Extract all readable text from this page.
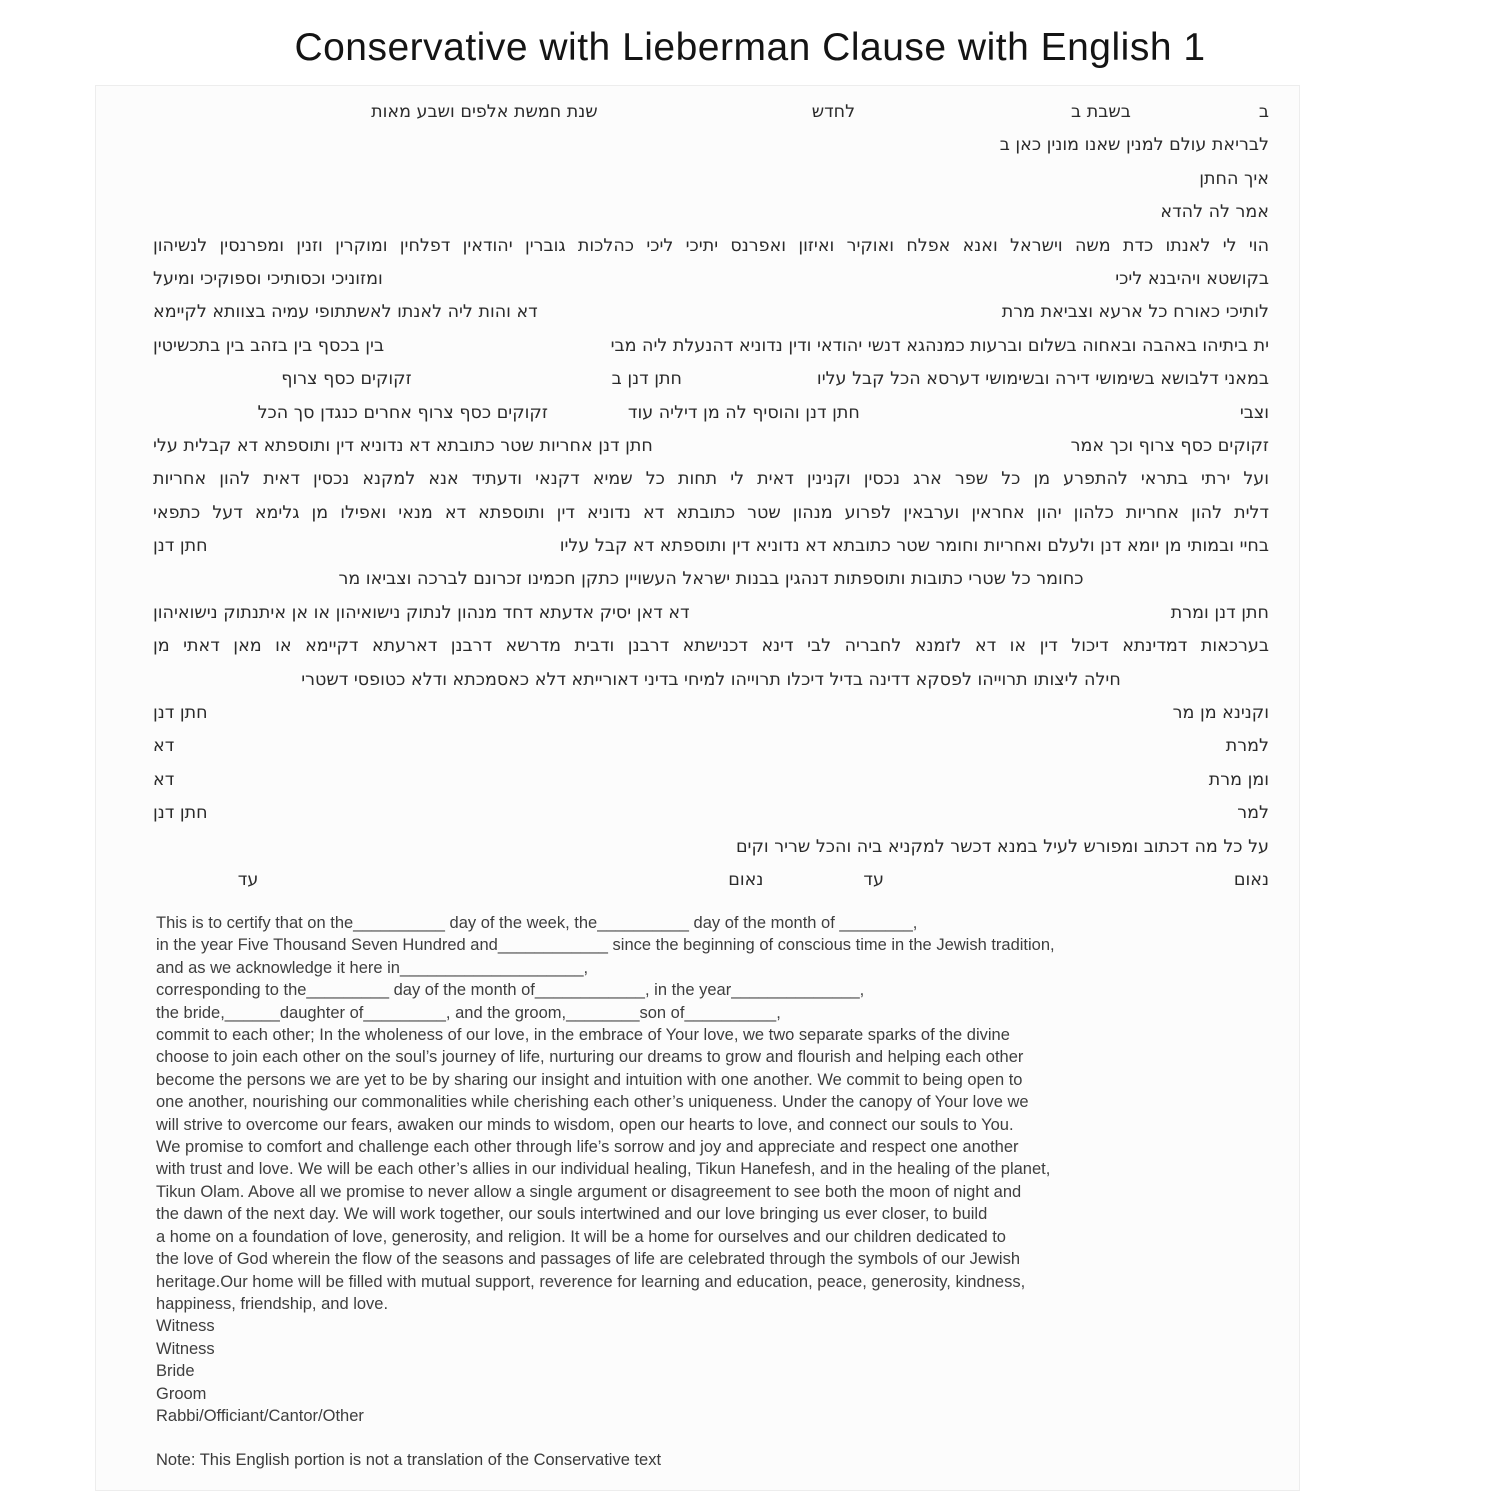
Conservative with Lieberman Clause with English 1
ב
בשבת ב
לחדש
שנת חמשת אלפים ושבע מאות
לבריאת עולם למנין שאנו מונין כאן ב
איך החתן
אמר לה להדא
הוי לי לאנתו כדת משה וישראל ואנא אפלח ואוקיר ואיזון ואפרנס יתיכי ליכי כהלכות גוברין יהודאין דפלחין ומוקרין וזנין ומפרנסין לנשיהון
בקושטא ויהיבנא ליכי
ומזוניכי וכסותיכי וספוקיכי ומיעל
לותיכי כאורח כל ארעא וצביאת מרת
דא והות ליה לאנתו לאשתתופי עמיה בצוותא לקיימא
ית ביתיהו באהבה ובאחוה בשלום וברעות כמנהגא דנשי יהודאי ודין נדוניא דהנעלת ליה מבי
בין בכסף בין בזהב בין בתכשיטין
במאני דלבושא בשימושי דירה ובשימושי דערסא הכל קבל עליו
חתן דנן ב
זקוקים כסף צרוף
וצבי
חתן דנן והוסיף לה מן דיליה עוד
זקוקים כסף צרוף אחרים כנגדן סך הכל
זקוקים כסף צרוף וכך אמר
חתן דנן אחריות שטר כתובתא דא נדוניא דין ותוספתא דא קבלית עלי
ועל ירתי בתראי להתפרע מן כל שפר ארג נכסין וקנינין דאית לי תחות כל שמיא דקנאי ודעתיד אנא למקנא נכסין דאית להון אחריות
דלית להון אחריות כלהון יהון אחראין וערבאין לפרוע מנהון שטר כתובתא דא נדוניא דין ותוספתא דא מנאי ואפילו מן גלימא דעל כתפאי
בחיי ובמותי מן יומא דנן ולעלם ואחריות וחומר שטר כתובתא דא נדוניא דין ותוספתא דא קבל עליו
חתן דנן
כחומר כל שטרי כתובות ותוספתות דנהגין בבנות ישראל העשויין כתקן חכמינו זכרונם לברכה וצביאו מר
חתן דנן ומרת
דא דאן יסיק אדעתא דחד מנהון לנתוק נישואיהון או אן איתנתוק נישואיהון
בערכאות דמדינתא דיכול דין או דא לזמנא לחבריה לבי דינא דכנישתא דרבנן ודבית מדרשא דרבנן דארעתא דקיימא או מאן דאתי מן
חילה ליצותו תרוייהו לפסקא דדינה בדיל דיכלו תרוייהו למיחי בדיני דאורייתא דלא כאסמכתא ודלא כטופסי דשטרי
וקנינא מן מר
חתן דנן
למרת
דא
ומן מרת
דא
למר
חתן דנן
על כל מה דכתוב ומפורש לעיל במנא דכשר למקניא ביה והכל שריר וקים
נאום
עד
נאום
עד
This is to certify that on the__________ day of the week, the__________ day of the month of ________,
in the year Five Thousand Seven Hundred and____________ since the beginning of conscious time in the Jewish tradition,
and as we acknowledge it here in____________________,
corresponding to the_________ day of the month of____________, in the year______________,
the bride,______daughter of_________, and the groom,________son of__________,
commit to each other; In the wholeness of our love, in the embrace of Your love, we two separate sparks of the divine
choose to join each other on the soul’s journey of life, nurturing our dreams to grow and flourish and helping each other
become the persons we are yet to be by sharing our insight and intuition with one another. We commit to being open to
one another, nourishing our commonalities while cherishing each other’s uniqueness. Under the canopy of Your love we
will strive to overcome our fears, awaken our minds to wisdom, open our hearts to love, and connect our souls to You.
We promise to comfort and challenge each other through life’s sorrow and joy and appreciate and respect one another
with trust and love. We will be each other’s allies in our individual healing, Tikun Hanefesh, and in the healing of the planet,
Tikun Olam. Above all we promise to never allow a single argument or disagreement to see both the moon of night and
the dawn of the next day. We will work together, our souls intertwined and our love bringing us ever closer, to build
a home on a foundation of love, generosity, and religion. It will be a home for ourselves and our children dedicated to
the love of God wherein the flow of the seasons and passages of life are celebrated through the symbols of our Jewish
heritage.Our home will be filled with mutual support, reverence for learning and education, peace, generosity, kindness,
happiness, friendship, and love.
Witness
Witness
Bride
Groom
Rabbi/Officiant/Cantor/Other
Note: This English portion is not a translation of the Conservative text
